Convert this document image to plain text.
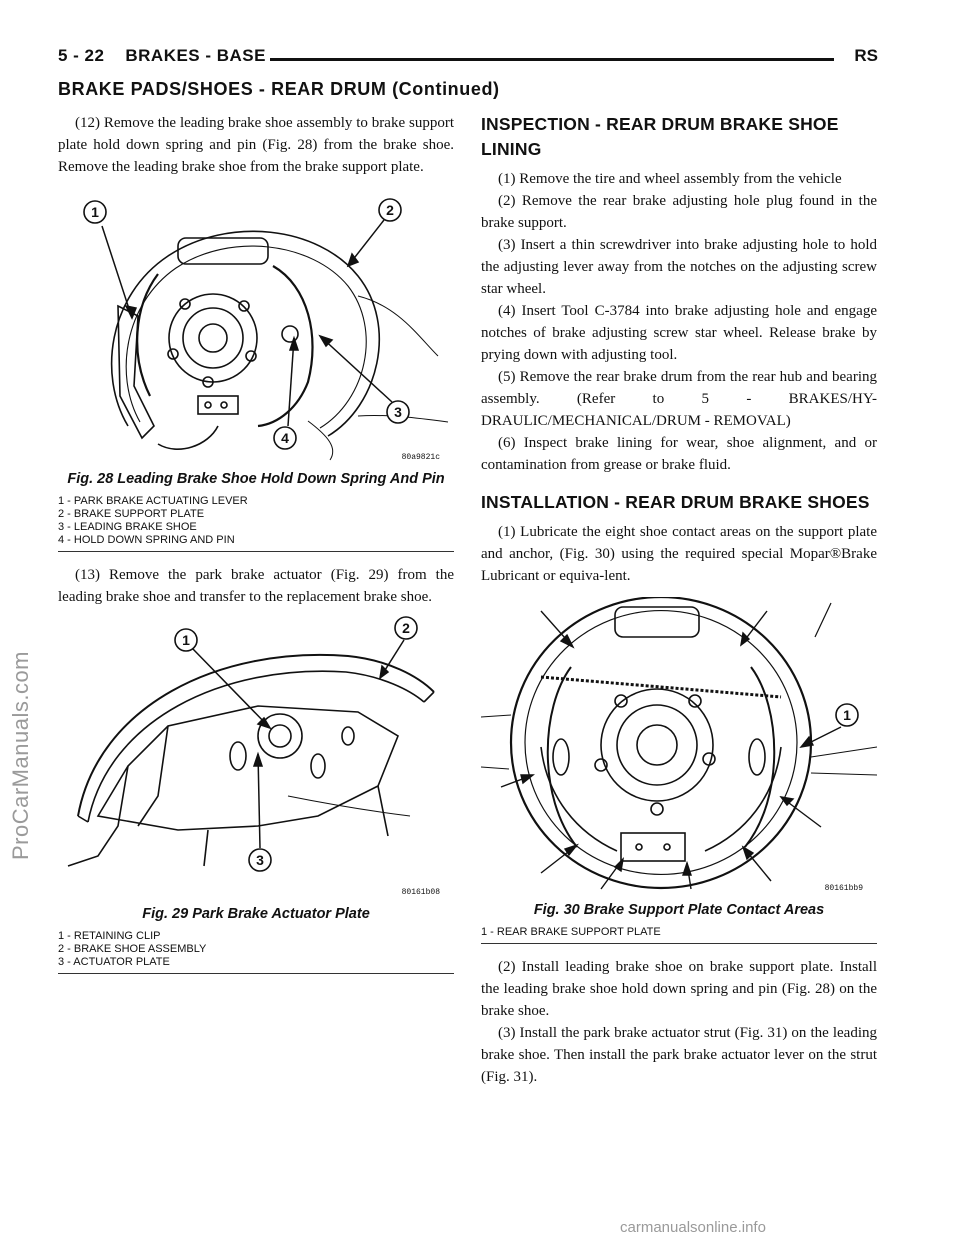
5 - 22    BRAKES - BASE	RS
BRAKE PADS/SHOES - REAR DRUM (Continued)

(12) Remove the leading brake shoe assembly to brake support plate hold down spring and pin (Fig. 28) from the brake shoe. Remove the leading brake shoe from the brake support plate.

1	2
3
4
80a9821c
Fig. 28 Leading Brake Shoe Hold Down Spring And Pin
1 - PARK BRAKE ACTUATING LEVER
2 - BRAKE SUPPORT PLATE
3 - LEADING BRAKE SHOE
4 - HOLD DOWN SPRING AND PIN

(13) Remove the park brake actuator (Fig. 29) from the leading brake shoe and transfer to the replacement brake shoe.

1
2
3
80161b08
Fig. 29 Park Brake Actuator Plate
1 - RETAINING CLIP
2 - BRAKE SHOE ASSEMBLY
3 - ACTUATOR PLATE
INSPECTION - REAR DRUM BRAKE SHOE LINING

(1) Remove the tire and wheel assembly from the vehicle

(2) Remove the rear brake adjusting hole plug found in the brake support.

(3) Insert a thin screwdriver into brake adjusting hole to hold the adjusting lever away from the notches on the adjusting screw star wheel.

(4) Insert Tool C-3784 into brake adjusting hole and engage notches of brake adjusting screw star wheel. Release brake by prying down with adjusting tool.

(5) Remove the rear brake drum from the rear hub and bearing assembly. (Refer to 5 - BRAKES/HY-DRAULIC/MECHANICAL/DRUM - REMOVAL)

(6) Inspect brake lining for wear, shoe alignment, and or contamination from grease or brake fluid.

INSTALLATION - REAR DRUM BRAKE SHOES

(1) Lubricate the eight shoe contact areas on the support plate and anchor, (Fig. 30) using the required special Mopar®Brake Lubricant or equiva-lent.

1
80161bb9
Fig. 30 Brake Support Plate Contact Areas
1 - REAR BRAKE SUPPORT PLATE

(2) Install leading brake shoe on brake support plate. Install the leading brake shoe hold down spring and pin (Fig. 28) on the brake shoe.

(3) Install the park brake actuator strut (Fig. 31) on the leading brake shoe. Then install the park brake actuator lever on the strut (Fig. 31).

ProCarManuals.com
carmanualsonline.info
